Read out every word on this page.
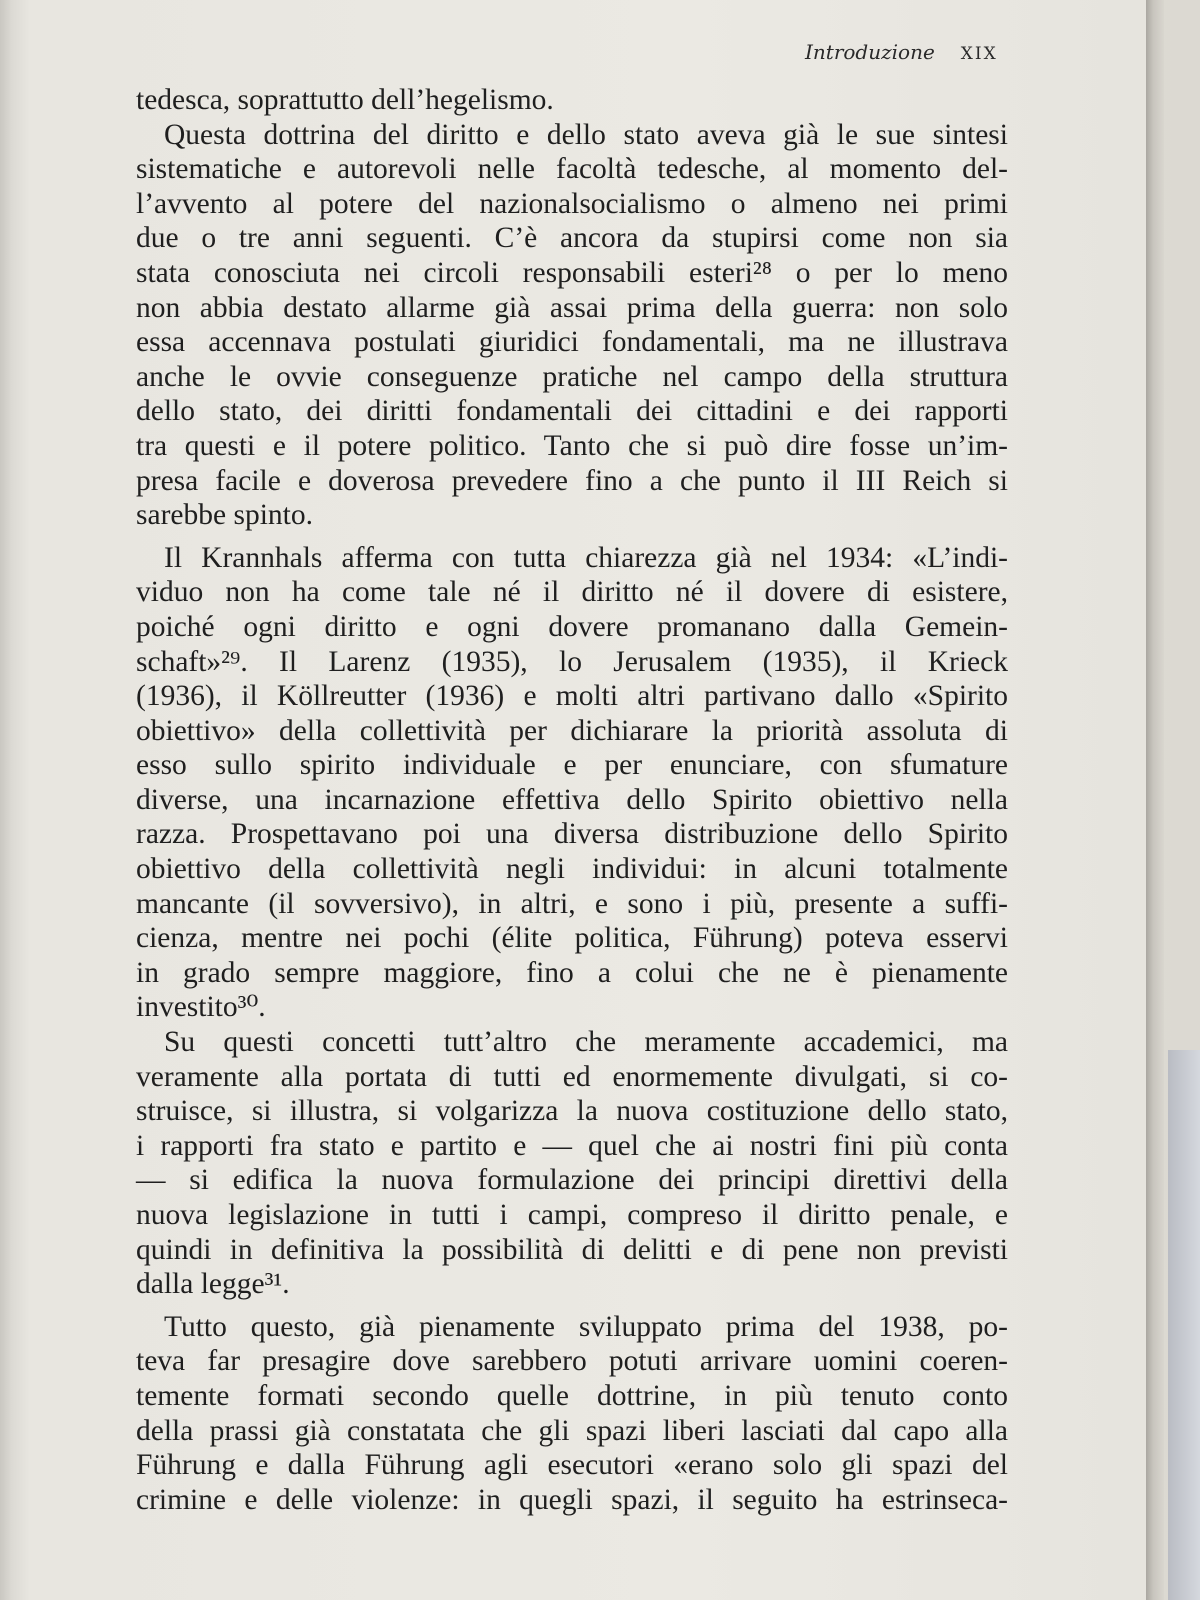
Introduzione XIX
tedesca, soprattutto dell’hegelismo.
Questa dottrina del diritto e dello stato aveva già le sue sintesi
sistematiche e autorevoli nelle facoltà tedesche, al momento del-
l’avvento al potere del nazionalsocialismo o almeno nei primi
due o tre anni seguenti. C’è ancora da stupirsi come non sia
stata conosciuta nei circoli responsabili esteri²⁸ o per lo meno
non abbia destato allarme già assai prima della guerra: non solo
essa accennava postulati giuridici fondamentali, ma ne illustrava
anche le ovvie conseguenze pratiche nel campo della struttura
dello stato, dei diritti fondamentali dei cittadini e dei rapporti
tra questi e il potere politico. Tanto che si può dire fosse un’im-
presa facile e doverosa prevedere fino a che punto il III Reich si
sarebbe spinto.
Il Krannhals afferma con tutta chiarezza già nel 1934: «L’indi-
viduo non ha come tale né il diritto né il dovere di esistere,
poiché ogni diritto e ogni dovere promanano dalla Gemein-
schaft»²⁹. Il Larenz (1935), lo Jerusalem (1935), il Krieck
(1936), il Köllreutter (1936) e molti altri partivano dallo «Spirito
obiettivo» della collettività per dichiarare la priorità assoluta di
esso sullo spirito individuale e per enunciare, con sfumature
diverse, una incarnazione effettiva dello Spirito obiettivo nella
razza. Prospettavano poi una diversa distribuzione dello Spirito
obiettivo della collettività negli individui: in alcuni totalmente
mancante (il sovversivo), in altri, e sono i più, presente a suffi-
cienza, mentre nei pochi (élite politica, Führung) poteva esservi
in grado sempre maggiore, fino a colui che ne è pienamente
investito³⁰.
Su questi concetti tutt’altro che meramente accademici, ma
veramente alla portata di tutti ed enormemente divulgati, si co-
struisce, si illustra, si volgarizza la nuova costituzione dello stato,
i rapporti fra stato e partito e — quel che ai nostri fini più conta
— si edifica la nuova formulazione dei principi direttivi della
nuova legislazione in tutti i campi, compreso il diritto penale, e
quindi in definitiva la possibilità di delitti e di pene non previsti
dalla legge³¹.
Tutto questo, già pienamente sviluppato prima del 1938, po-
teva far presagire dove sarebbero potuti arrivare uomini coeren-
temente formati secondo quelle dottrine, in più tenuto conto
della prassi già constatata che gli spazi liberi lasciati dal capo alla
Führung e dalla Führung agli esecutori «erano solo gli spazi del
crimine e delle violenze: in quegli spazi, il seguito ha estrinseca-
